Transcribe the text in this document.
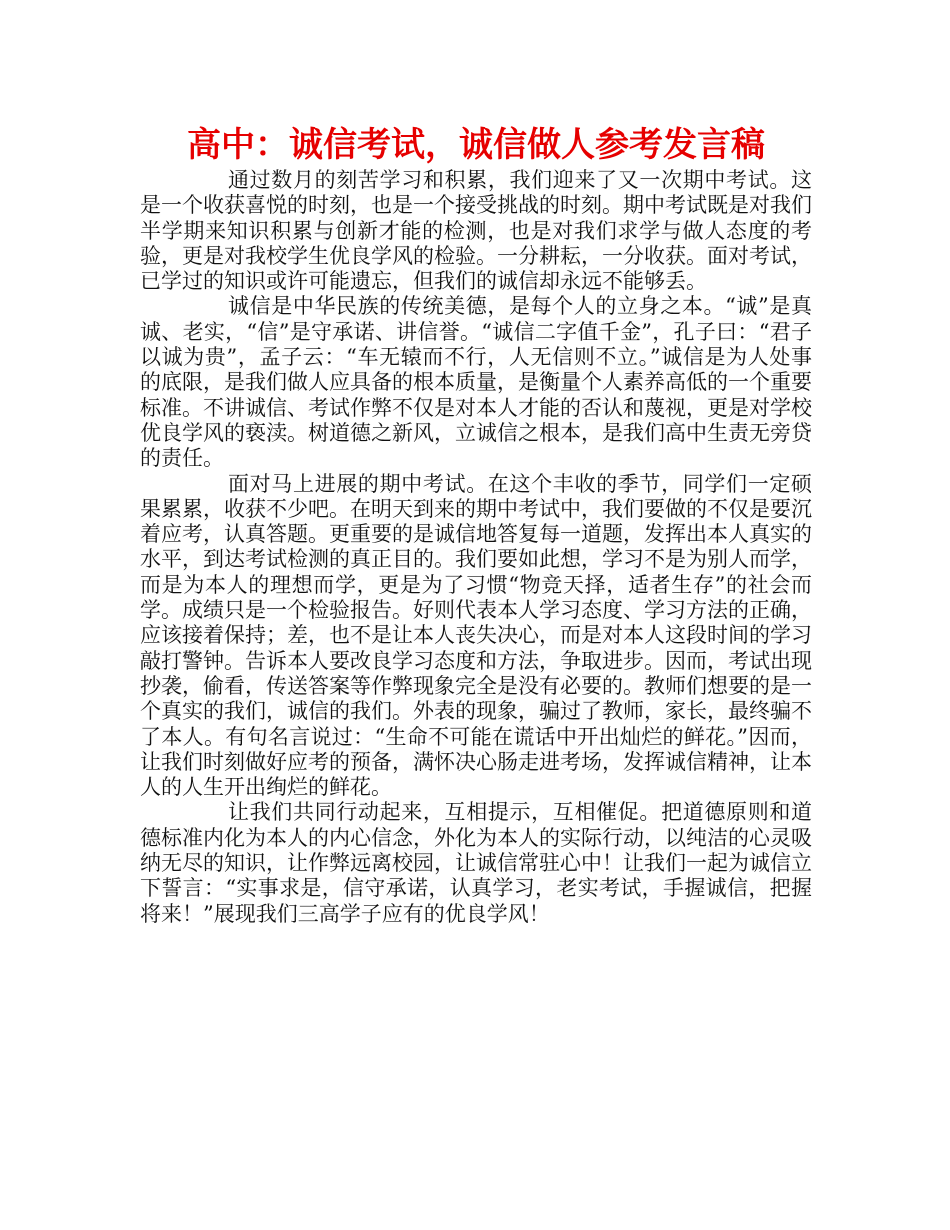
高中：诚信考试，诚信做人参考发言稿

通过数月的刻苦学习和积累，我们迎来了又一次期中考试。这是一个收获喜悦的时刻，也是一个接受挑战的时刻。期中考试既是对我们半学期来知识积累与创新才能的检测，也是对我们求学与做人态度的考验，更是对我校学生优良学风的检验。一分耕耘，一分收获。面对考试，已学过的知识或许可能遗忘，但我们的诚信却永远不能够丢。

诚信是中华民族的传统美德，是每个人的立身之本。“诚”是真诚、老实，“信”是守承诺、讲信誉。“诚信二字值千金”，孔子曰：“君子以诚为贵”，孟子云：“车无辕而不行，人无信则不立。”诚信是为人处事的底限，是我们做人应具备的根本质量，是衡量个人素养高低的一个重要标准。不讲诚信、考试作弊不仅是对本人才能的否认和蔑视，更是对学校优良学风的亵渎。树道德之新风，立诚信之根本，是我们高中生责无旁贷的责任。

面对马上进展的期中考试。在这个丰收的季节，同学们一定硕果累累，收获不少吧。在明天到来的期中考试中，我们要做的不仅是要沉着应考，认真答题。更重要的是诚信地答复每一道题，发挥出本人真实的水平，到达考试检测的真正目的。我们要如此想，学习不是为别人而学，而是为本人的理想而学，更是为了习惯“物竞天择，适者生存”的社会而学。成绩只是一个检验报告。好则代表本人学习态度、学习方法的正确，应该接着保持；差，也不是让本人丧失决心，而是对本人这段时间的学习敲打警钟。告诉本人要改良学习态度和方法，争取进步。因而，考试出现抄袭，偷看，传送答案等作弊现象完全是没有必要的。教师们想要的是一个真实的我们，诚信的我们。外表的现象，骗过了教师，家长，最终骗不了本人。有句名言说过：“生命不可能在谎话中开出灿烂的鲜花。”因而，让我们时刻做好应考的预备，满怀决心肠走进考场，发挥诚信精神，让本人的人生开出绚烂的鲜花。

让我们共同行动起来，互相提示，互相催促。把道德原则和道德标准内化为本人的内心信念，外化为本人的实际行动，以纯洁的心灵吸纳无尽的知识，让作弊远离校园，让诚信常驻心中！让我们一起为诚信立下誓言：“实事求是，信守承诺，认真学习，老实考试，手握诚信，把握将来！”展现我们三高学子应有的优良学风！
